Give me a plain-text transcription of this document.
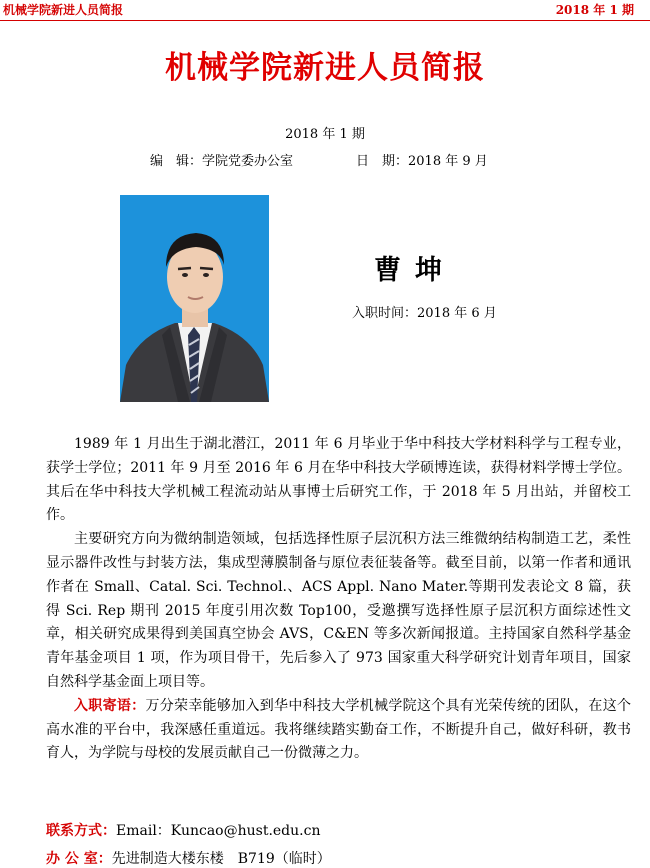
机械学院新进人员简报	2018 年 1 期
机械学院新进人员简报
2018 年 1 期
编　辑：学院党委办公室	日　期：2018 年 9 月
曹坤
入职时间：2018 年 6 月

1989 年 1 月出生于湖北潜江，2011 年 6 月毕业于华中科技大学材料科学与工程专业，获学士学位；2011 年 9 月至 2016 年 6 月在华中科技大学硕博连读，获得材料学博士学位。其后在华中科技大学机械工程流动站从事博士后研究工作，于 2018 年 5 月出站，并留校工作。

主要研究方向为微纳制造领域，包括选择性原子层沉积方法三维微纳结构制造工艺，柔性显示器件改性与封装方法，集成型薄膜制备与原位表征装备等。截至目前，以第一作者和通讯作者在 Small、Catal. Sci. Technol.、ACS Appl. Nano Mater.等期刊发表论文 8 篇，获得 Sci. Rep 期刊 2015 年度引用次数 Top100，受邀撰写选择性原子层沉积方面综述性文章，相关研究成果得到美国真空协会 AVS，C&EN 等多次新闻报道。主持国家自然科学基金青年基金项目 1 项，作为项目骨干，先后参入了 973 国家重大科学研究计划青年项目，国家自然科学基金面上项目等。

入职寄语：万分荣幸能够加入到华中科技大学机械学院这个具有光荣传统的团队，在这个高水准的平台中，我深感任重道远。我将继续踏实勤奋工作，不断提升自己，做好科研，教书育人，为学院与母校的发展贡献自己一份微薄之力。

联系方式：Email：Kuncao@hust.edu.cn
办 公 室：先进制造大楼东楼　B719（临时）
